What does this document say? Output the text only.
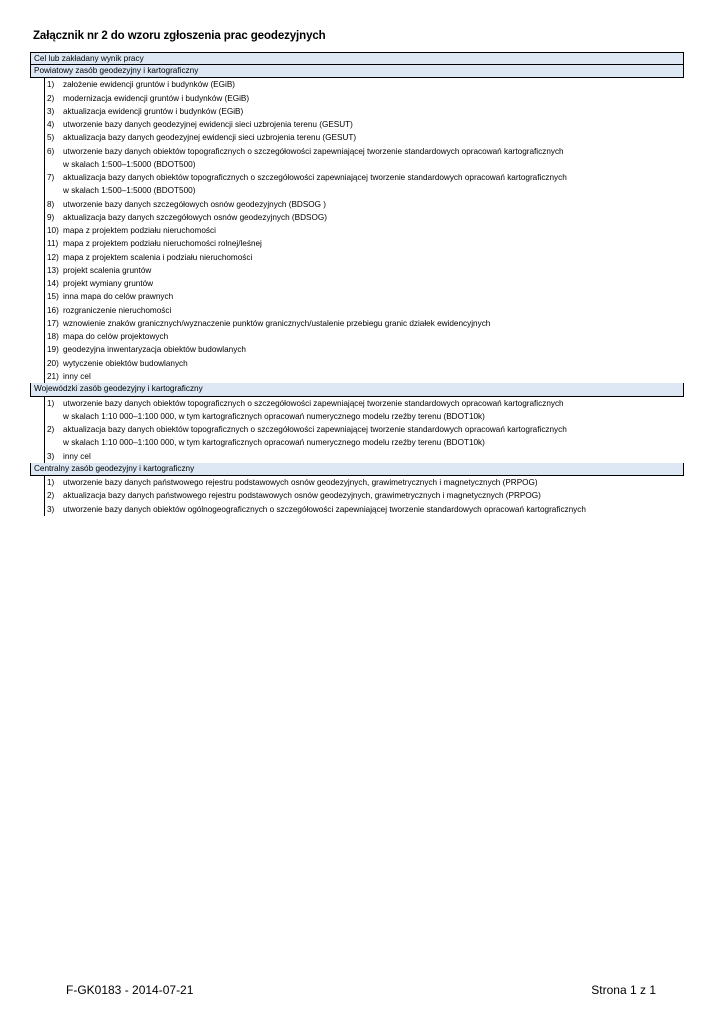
Załącznik nr 2 do wzoru zgłoszenia prac geodezyjnych
Cel lub zakładany wynik pracy
Powiatowy zasób geodezyjny i kartograficzny
1) założenie ewidencji gruntów i budynków (EGiB)
2) modernizacja ewidencji gruntów i budynków (EGiB)
3) aktualizacja ewidencji gruntów i budynków (EGiB)
4) utworzenie bazy danych geodezyjnej ewidencji sieci uzbrojenia terenu (GESUT)
5) aktualizacja bazy danych geodezyjnej ewidencji sieci uzbrojenia terenu (GESUT)
6) utworzenie bazy danych obiektów topograficznych o szczegółowości zapewniającej tworzenie standardowych opracowań kartograficznych
w skalach 1:500–1:5000 (BDOT500)
7) aktualizacja bazy danych obiektów topograficznych o szczegółowości zapewniającej tworzenie standardowych opracowań kartograficznych
w skalach 1:500–1:5000 (BDOT500)
8) utworzenie bazy danych szczegółowych osnów geodezyjnych (BDSOG )
9) aktualizacja bazy danych szczegółowych osnów geodezyjnych (BDSOG)
10) mapa z projektem podziału nieruchomości
11) mapa z projektem podziału nieruchomości rolnej/leśnej
12) mapa z projektem scalenia i podziału nieruchomości
13) projekt scalenia gruntów
14) projekt wymiany gruntów
15) inna mapa do celów prawnych
16) rozgraniczenie nieruchomości
17) wznowienie znaków granicznych/wyznaczenie punktów granicznych/ustalenie przebiegu granic działek ewidencyjnych
18) mapa do celów projektowych
19) geodezyjna inwentaryzacja obiektów budowlanych
20) wytyczenie obiektów budowlanych
21) inny cel
Wojewódzki zasób geodezyjny i kartograficzny
1) utworzenie bazy danych obiektów topograficznych o szczegółowości zapewniającej tworzenie standardowych opracowań kartograficznych
w skalach 1:10 000–1:100 000, w tym kartograficznych opracowań numerycznego modelu rzeźby terenu (BDOT10k)
2) aktualizacja bazy danych obiektów topograficznych o szczegółowości zapewniającej tworzenie standardowych opracowań kartograficznych
w skalach 1:10 000–1:100 000, w tym kartograficznych opracowań numerycznego modelu rzeźby terenu (BDOT10k)
3) inny cel
Centralny zasób geodezyjny i kartograficzny
1) utworzenie bazy danych państwowego rejestru podstawowych osnów geodezyjnych, grawimetrycznych i magnetycznych (PRPOG)
2) aktualizacja bazy danych państwowego rejestru podstawowych osnów geodezyjnych, grawimetrycznych i magnetycznych (PRPOG)
3) utworzenie bazy danych obiektów ogólnogeograficznych o szczegółowości zapewniającej tworzenie standardowych opracowań kartograficznych
F-GK0183 - 2014-07-21	Strona 1 z 1
